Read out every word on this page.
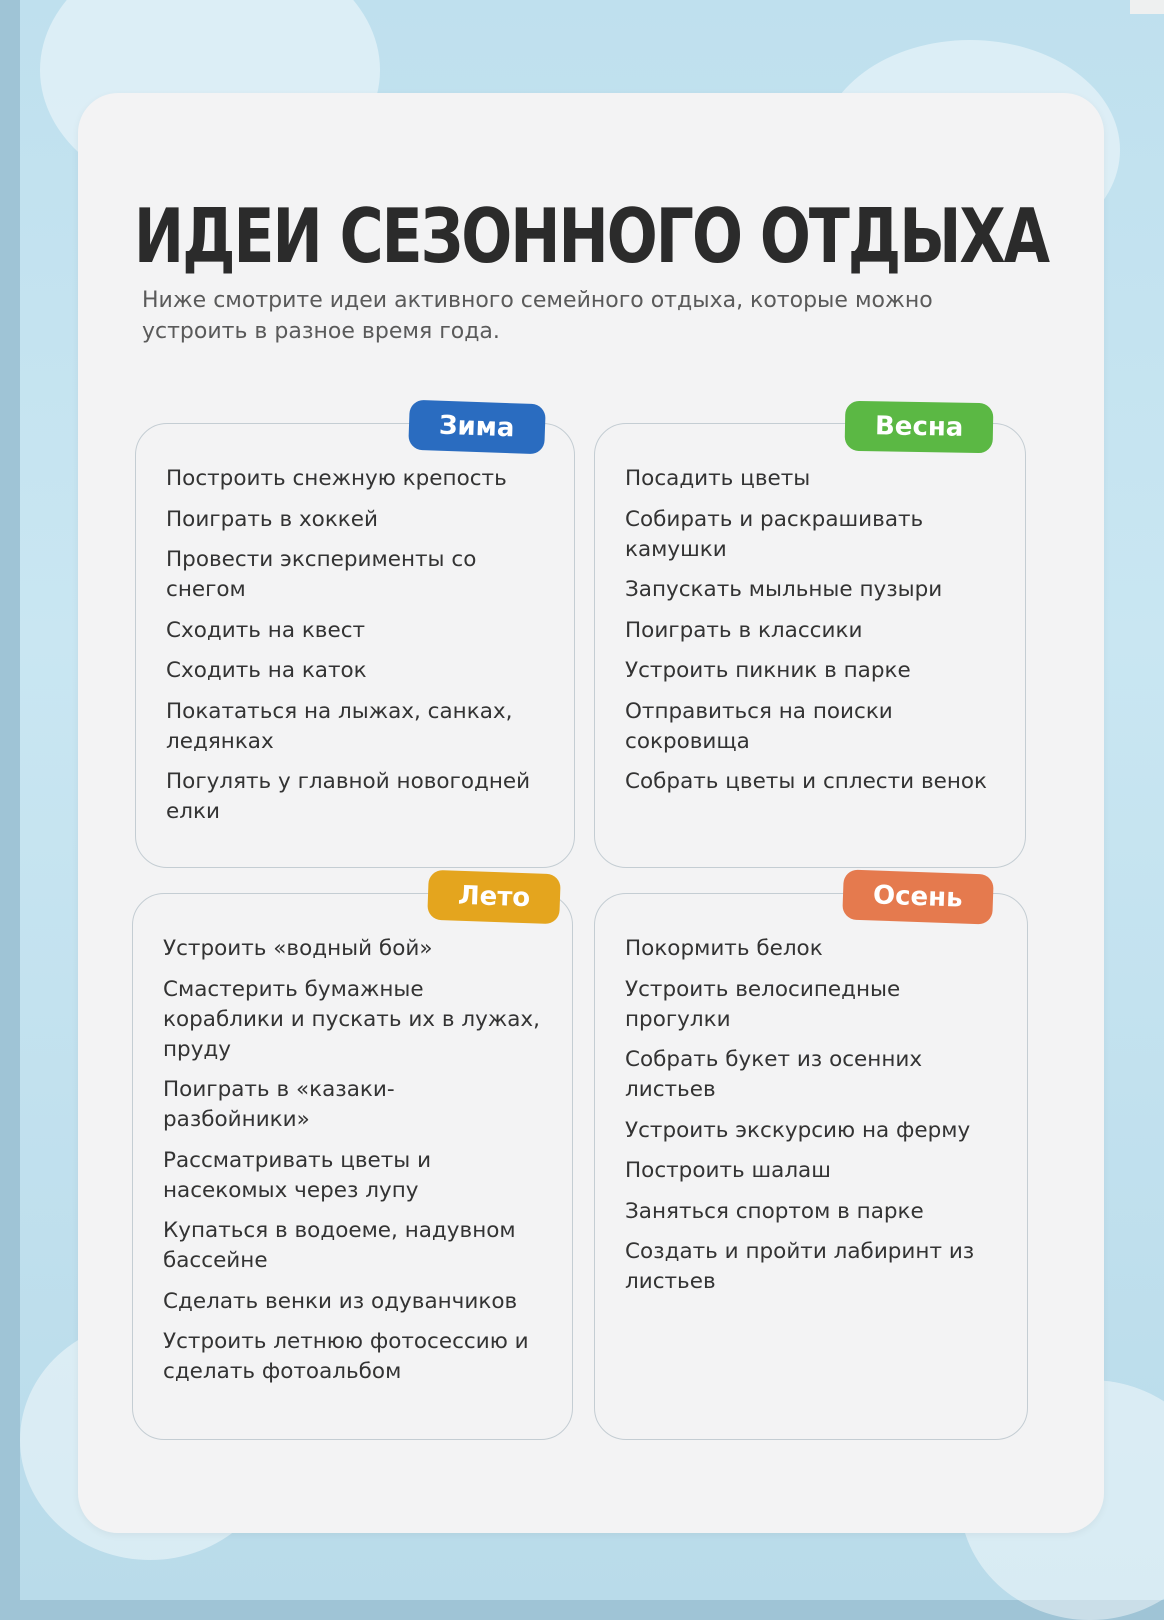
ИДЕИ СЕЗОННОГО ОТДЫХА

Ниже смотрите идеи активного семейного отдыха, которые можно устроить в разное время года.

Зима
Построить снежную крепость
Поиграть в хоккей
Провести эксперименты со снегом
Сходить на квест
Сходить на каток
Покататься на лыжах, санках, ледянках
Погулять у главной новогодней елки
Весна
Посадить цветы
Собирать и раскрашивать камушки
Запускать мыльные пузыри
Поиграть в классики
Устроить пикник в парке
Отправиться на поиски сокровища
Собрать цветы и сплести венок
Лето
Устроить «водный бой»
Смастерить бумажные кораблики и пускать их в лужах, пруду
Поиграть в «казаки-разбойники»
Рассматривать цветы и насекомых через лупу
Купаться в водоеме, надувном бассейне
Сделать венки из одуванчиков
Устроить летнюю фотосессию и сделать фотоальбом
Осень
Покормить белок
Устроить велосипедные прогулки
Собрать букет из осенних листьев
Устроить экскурсию на ферму
Построить шалаш
Заняться спортом в парке
Создать и пройти лабиринт из листьев
